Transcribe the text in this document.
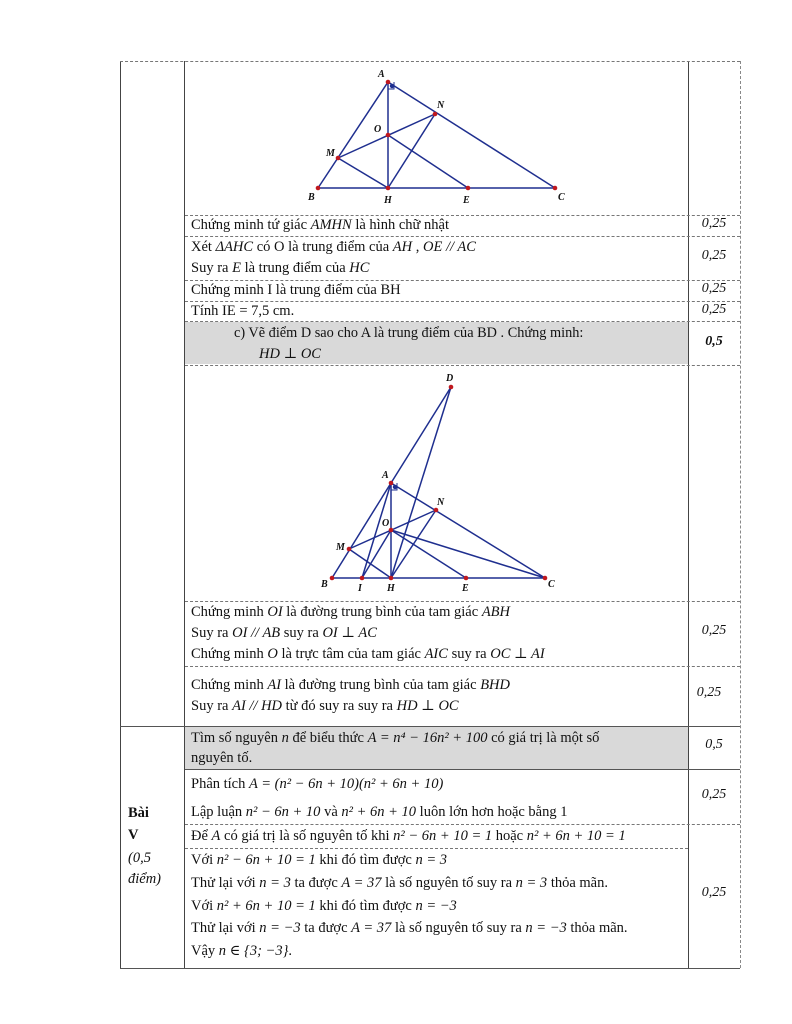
A
N
O
M
B	H	E	C
Chứng minh tứ giác AMHN là hình chữ nhật	0,25
Xét ΔAHC có O là trung điểm của AH , OE // AC
Suy ra E là trung điểm của HC
0,25
Chứng minh I là trung điểm của BH	0,25
Tính IE = 7,5 cm.	0,25
c) Vẽ điểm D sao cho A là trung điểm của BD . Chứng minh:
HD ⊥ OC
0,5
D
A
N
O
M
B	I	H	E	C
Chứng minh OI là đường trung bình của tam giác ABH
Suy ra OI // AB suy ra OI ⊥ AC
Chứng minh O là trực tâm của tam giác AIC suy ra OC ⊥ AI
0,25
Chứng minh AI là đường trung bình của tam giác BHD
Suy ra AI // HD từ đó suy ra suy ra HD ⊥ OC
0,25
Bài
V
(0,5
điểm)
Tìm số nguyên n để biểu thức A = n⁴ − 16n² + 100 có giá trị là một số
nguyên tố.
0,5
Phân tích A = (n² − 6n + 10)(n² + 6n + 10)
Lập luận n² − 6n + 10 và n² + 6n + 10 luôn lớn hơn hoặc bằng 1
0,25
Để A có giá trị là số nguyên tố khi n² − 6n + 10 = 1 hoặc n² + 6n + 10 = 1
Với n² − 6n + 10 = 1 khi đó tìm được n = 3
Thử lại với n = 3 ta được A = 37 là số nguyên tố suy ra n = 3 thỏa mãn.
Với n² + 6n + 10 = 1 khi đó tìm được n = −3
Thử lại với n = −3 ta được A = 37 là số nguyên tố suy ra n = −3 thỏa mãn.
Vậy n ∈ {3; −3}.
0,25
